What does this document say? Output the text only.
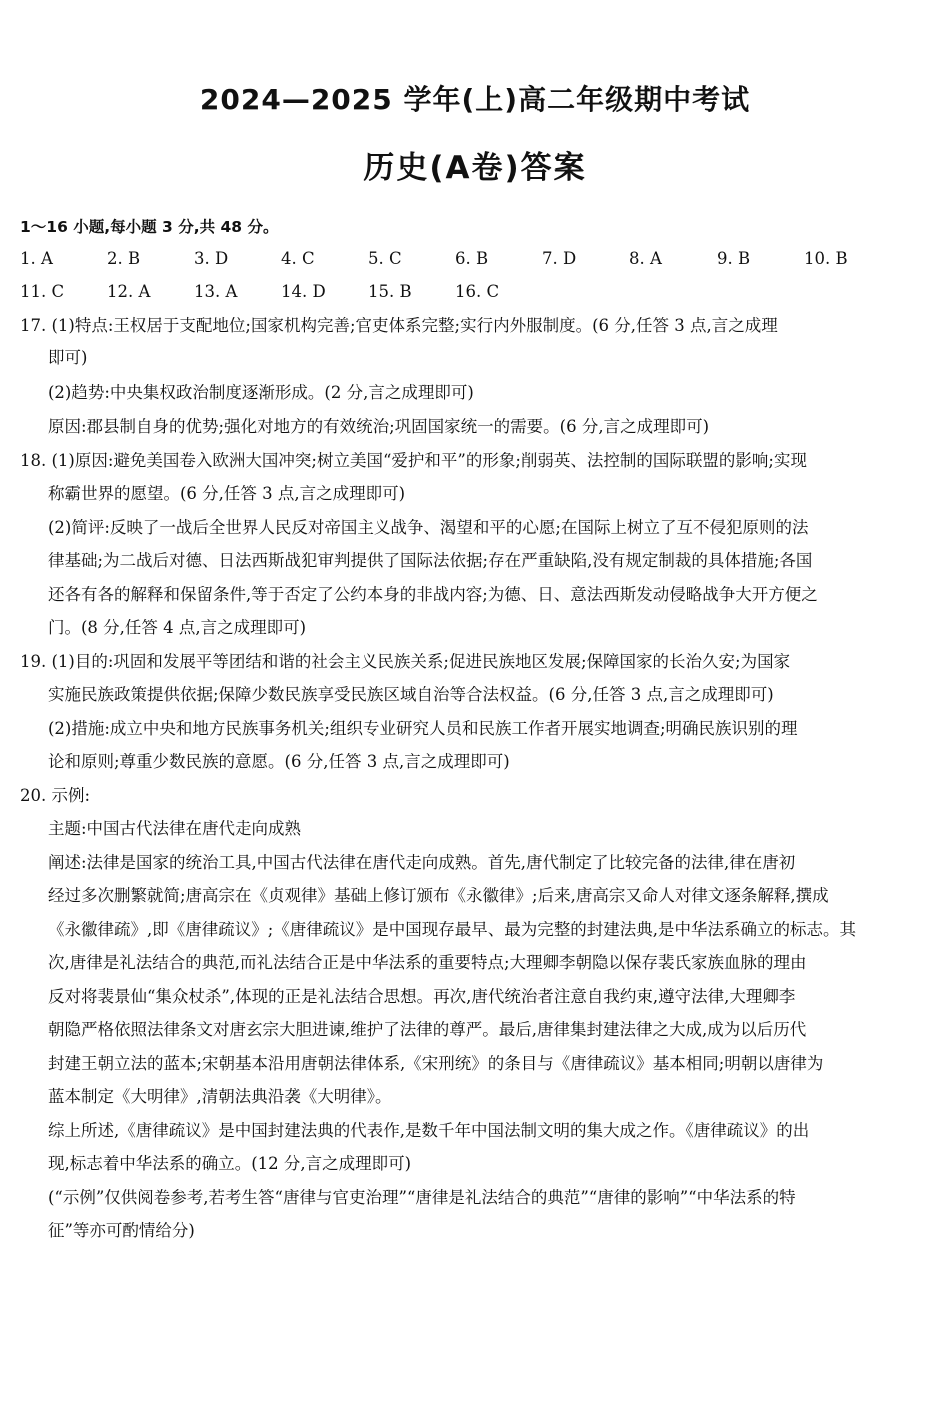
2024—2025 学年(上)高二年级期中考试
历史(A卷)答案
1～16 小题,每小题 3 分,共 48 分。
1. A	2. B	3. D	4. C	5. C	6. B	7. D	8. A	9. B	10. B
11. C	12. A	13. A	14. D	15. B	16. C
17. (1)特点:王权居于支配地位;国家机构完善;官吏体系完整;实行内外服制度。(6 分,任答 3 点,言之成理
即可)
(2)趋势:中央集权政治制度逐渐形成。(2 分,言之成理即可)
原因:郡县制自身的优势;强化对地方的有效统治;巩固国家统一的需要。(6 分,言之成理即可)
18. (1)原因:避免美国卷入欧洲大国冲突;树立美国“爱护和平”的形象;削弱英、法控制的国际联盟的影响;实现
称霸世界的愿望。(6 分,任答 3 点,言之成理即可)
(2)简评:反映了一战后全世界人民反对帝国主义战争、渴望和平的心愿;在国际上树立了互不侵犯原则的法
律基础;为二战后对德、日法西斯战犯审判提供了国际法依据;存在严重缺陷,没有规定制裁的具体措施;各国
还各有各的解释和保留条件,等于否定了公约本身的非战内容;为德、日、意法西斯发动侵略战争大开方便之
门。(8 分,任答 4 点,言之成理即可)
19. (1)目的:巩固和发展平等团结和谐的社会主义民族关系;促进民族地区发展;保障国家的长治久安;为国家
实施民族政策提供依据;保障少数民族享受民族区域自治等合法权益。(6 分,任答 3 点,言之成理即可)
(2)措施:成立中央和地方民族事务机关;组织专业研究人员和民族工作者开展实地调查;明确民族识别的理
论和原则;尊重少数民族的意愿。(6 分,任答 3 点,言之成理即可)
20. 示例:
主题:中国古代法律在唐代走向成熟
阐述:法律是国家的统治工具,中国古代法律在唐代走向成熟。首先,唐代制定了比较完备的法律,律在唐初
经过多次删繁就简;唐高宗在《贞观律》基础上修订颁布《永徽律》;后来,唐高宗又命人对律文逐条解释,撰成
《永徽律疏》,即《唐律疏议》;《唐律疏议》是中国现存最早、最为完整的封建法典,是中华法系确立的标志。其
次,唐律是礼法结合的典范,而礼法结合正是中华法系的重要特点;大理卿李朝隐以保存裴氏家族血脉的理由
反对将裴景仙“集众杖杀”,体现的正是礼法结合思想。再次,唐代统治者注意自我约束,遵守法律,大理卿李
朝隐严格依照法律条文对唐玄宗大胆进谏,维护了法律的尊严。最后,唐律集封建法律之大成,成为以后历代
封建王朝立法的蓝本;宋朝基本沿用唐朝法律体系,《宋刑统》的条目与《唐律疏议》基本相同;明朝以唐律为
蓝本制定《大明律》,清朝法典沿袭《大明律》。
综上所述,《唐律疏议》是中国封建法典的代表作,是数千年中国法制文明的集大成之作。《唐律疏议》的出
现,标志着中华法系的确立。(12 分,言之成理即可)
(“示例”仅供阅卷参考,若考生答“唐律与官吏治理”“唐律是礼法结合的典范”“唐律的影响”“中华法系的特
征”等亦可酌情给分)
